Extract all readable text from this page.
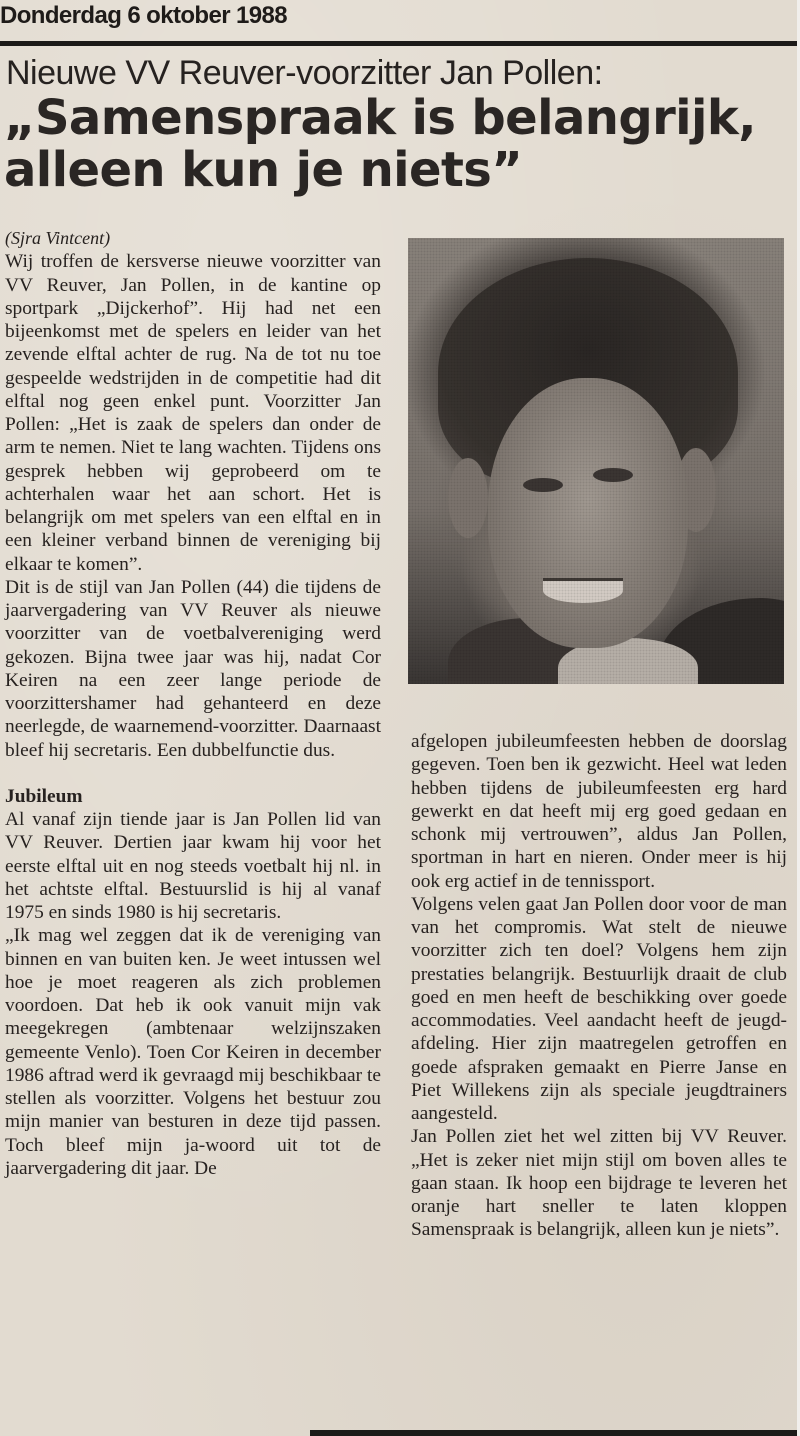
Donderdag 6 oktober 1988
Nieuwe VV Reuver-voorzitter Jan Pollen:
„Samenspraak is belangrijk,
alleen kun je niets”

(Sjra Vintcent)

Wij troffen de kersverse nieuwe voorzitter van VV Reuver, Jan Pollen, in de kantine op sportpark „Dijckerhof”. Hij had net een bijeenkomst met de spelers en leider van het zevende elftal achter de rug. Na de tot nu toe gespeelde wedstrijden in de competitie had dit elftal nog geen enkel punt. Voorzitter Jan Pollen: „Het is zaak de spelers dan onder de arm te nemen. Niet te lang wachten. Tijdens ons gesprek hebben wij geprobeerd om te achterhalen waar het aan schort. Het is belangrijk om met spelers van een elftal en in een kleiner verband binnen de vereniging bij elkaar te komen”.

Dit is de stijl van Jan Pollen (44) die tijdens de jaarvergadering van VV Reuver als nieuwe voorzitter van de voetbalvereniging werd gekozen. Bijna twee jaar was hij, nadat Cor Keiren na een zeer lange periode de voorzittershamer had gehanteerd en deze neerlegde, de waarnemend-voorzitter. Daarnaast bleef hij secretaris. Een dubbelfunctie dus.

Jubileum

Al vanaf zijn tiende jaar is Jan Pollen lid van VV Reuver. Dertien jaar kwam hij voor het eerste elftal uit en nog steeds voetbalt hij nl. in het achtste elftal. Bestuurslid is hij al vanaf 1975 en sinds 1980 is hij secretaris.

„Ik mag wel zeggen dat ik de vereniging van binnen en van buiten ken. Je weet intussen wel hoe je moet reageren als zich problemen voordoen. Dat heb ik ook vanuit mijn vak meegekregen (ambtenaar welzijnszaken gemeente Venlo). Toen Cor Keiren in december 1986 aftrad werd ik gevraagd mij beschikbaar te stellen als voorzitter. Volgens het bestuur zou mijn manier van besturen in deze tijd passen. Toch bleef mijn ja-woord uit tot de jaarvergadering dit jaar. De

afgelopen jubileumfeesten hebben de doorslag gegeven. Toen ben ik gezwicht. Heel wat leden hebben tijdens de jubileumfeesten erg hard gewerkt en dat heeft mij erg goed gedaan en schonk mij vertrouwen”, aldus Jan Pollen, sportman in hart en nieren. Onder meer is hij ook erg actief in de tennissport.

Volgens velen gaat Jan Pollen door voor de man van het compromis. Wat stelt de nieuwe voorzitter zich ten doel? Volgens hem zijn prestaties belangrijk. Bestuurlijk draait de club goed en men heeft de beschikking over goede accommodaties. Veel aandacht heeft de jeugd-afdeling. Hier zijn maatregelen getroffen en goede afspraken gemaakt en Pierre Janse en Piet Willekens zijn als speciale jeugdtrainers aangesteld.

Jan Pollen ziet het wel zitten bij VV Reuver. „Het is zeker niet mijn stijl om boven alles te gaan staan. Ik hoop een bijdrage te leveren het oranje hart sneller te laten kloppen Samenspraak is belangrijk, alleen kun je niets”.
